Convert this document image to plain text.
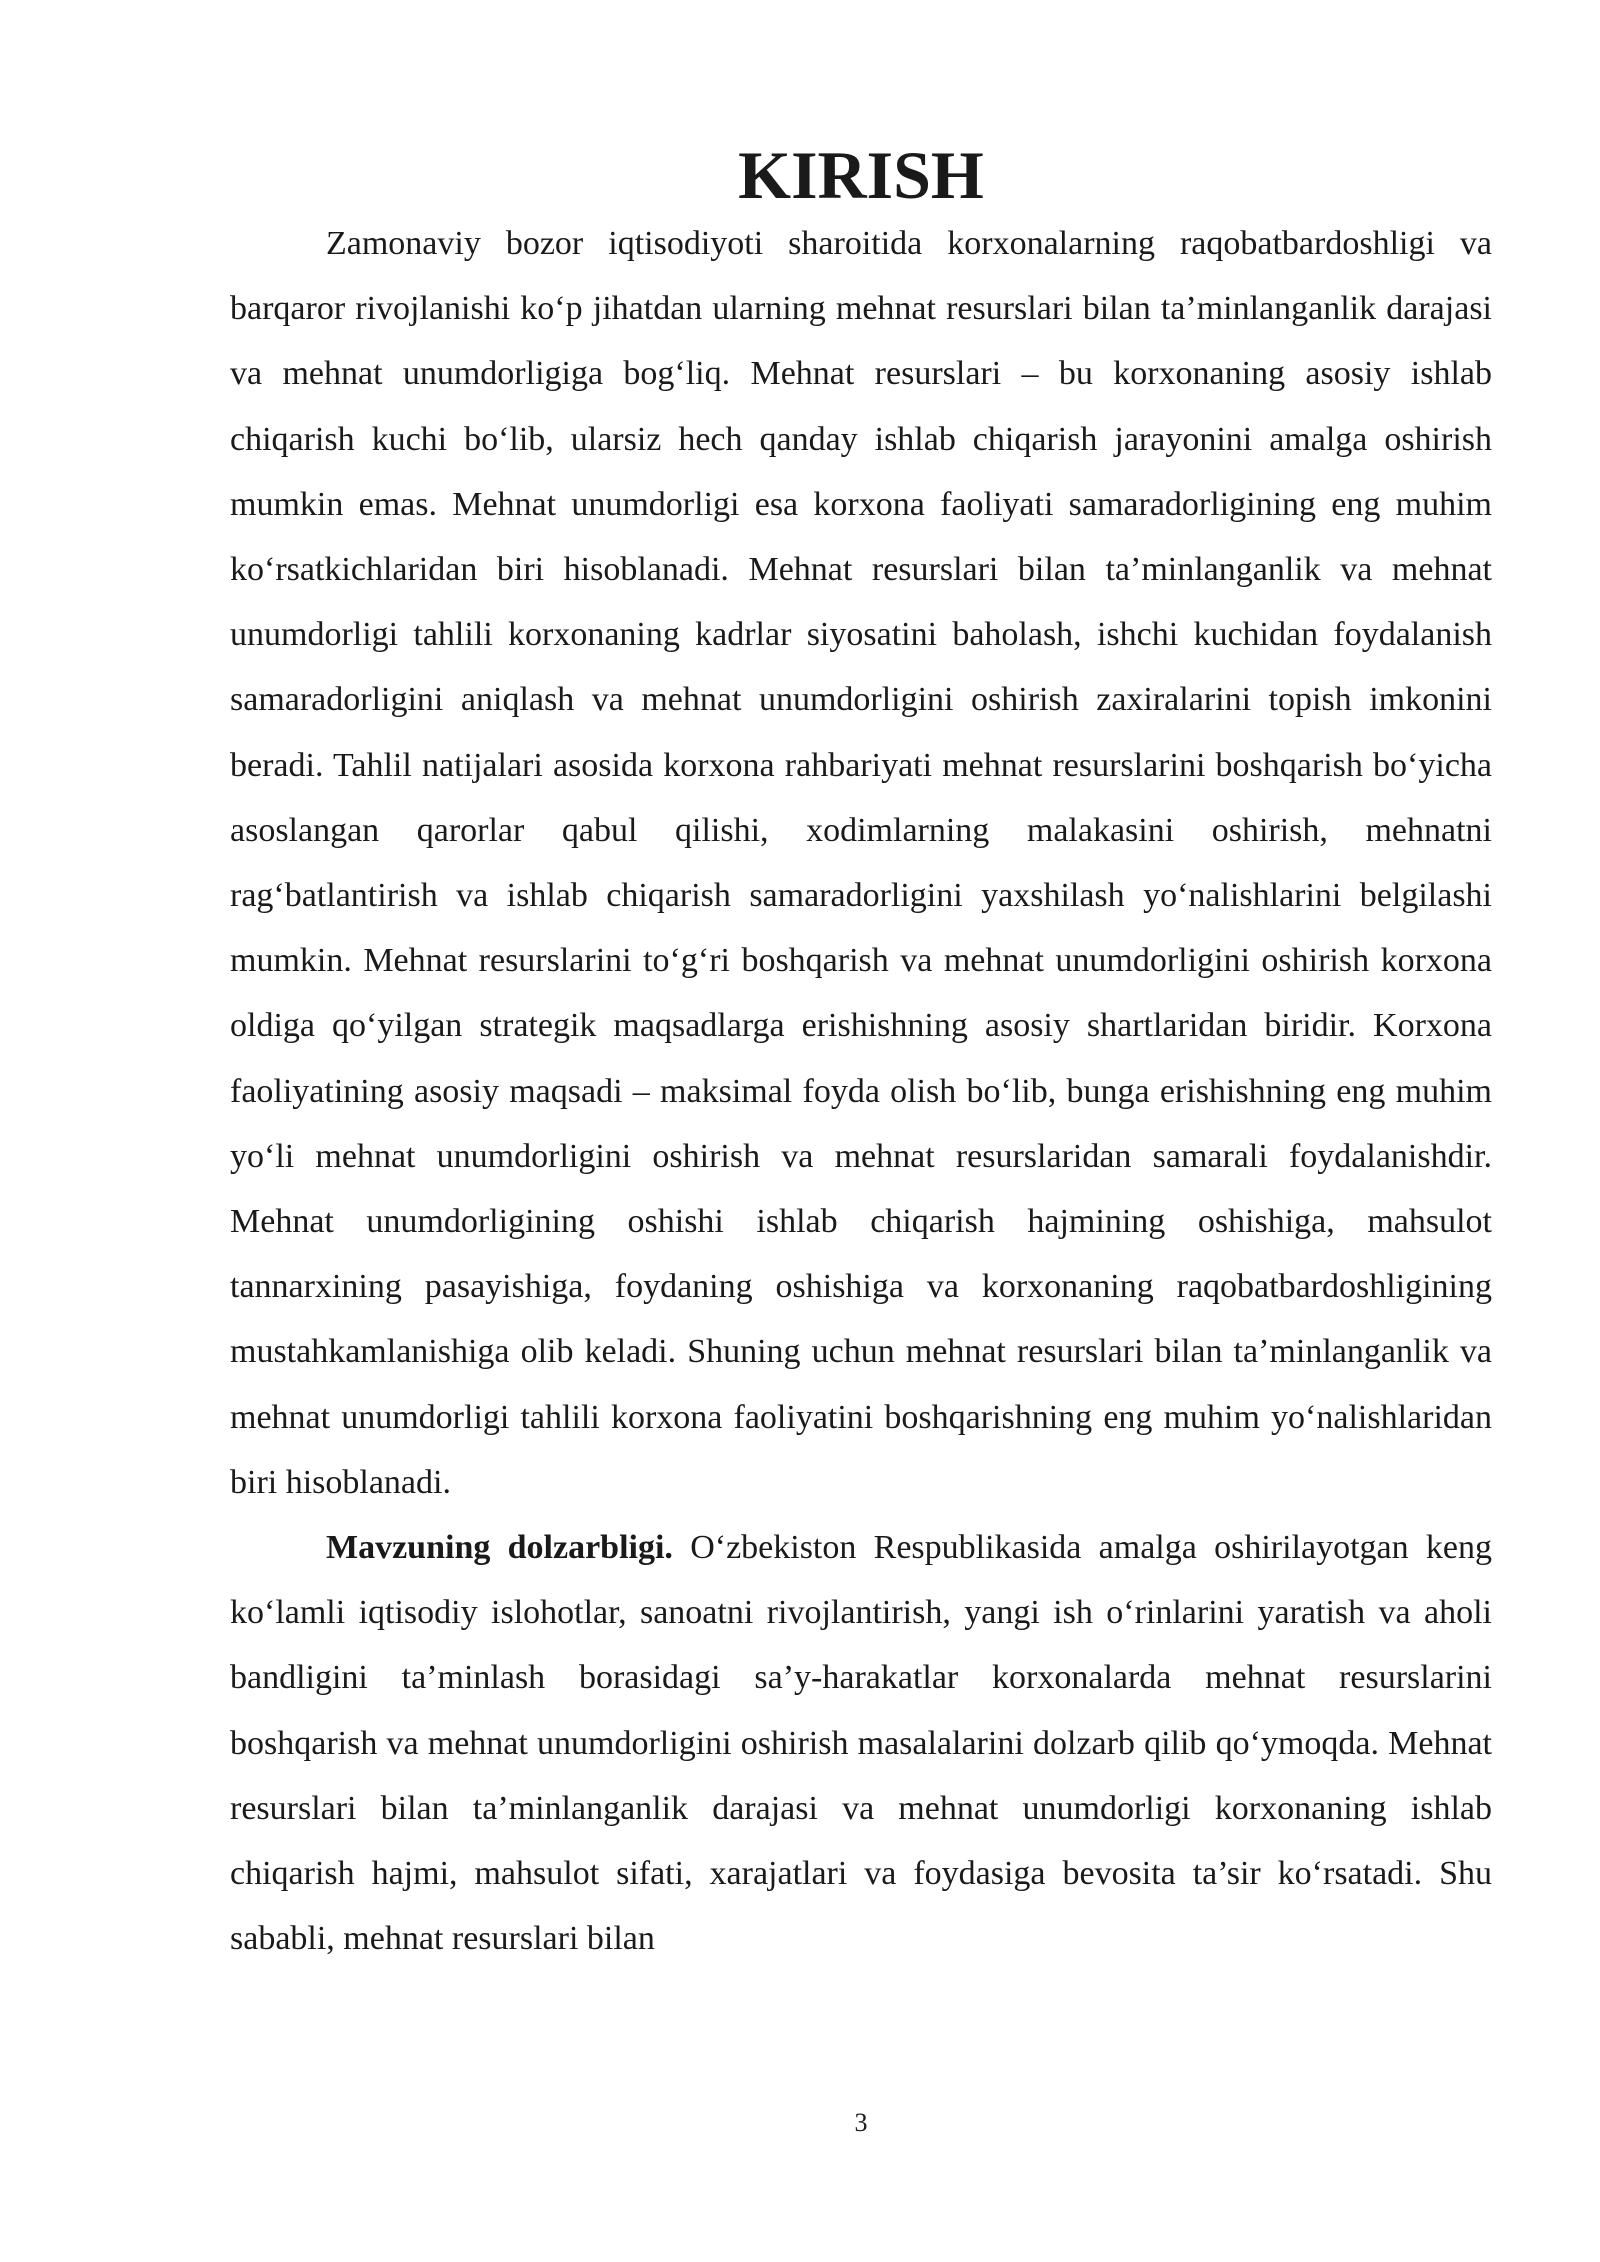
KIRISH

Zamonaviy bozor iqtisodiyoti sharoitida korxonalarning raqobatbardoshligi va barqaror rivojlanishi ko‘p jihatdan ularning mehnat resurslari bilan ta’minlanganlik darajasi va mehnat unumdorligiga bog‘liq. Mehnat resurslari – bu korxonaning asosiy ishlab chiqarish kuchi bo‘lib, ularsiz hech qanday ishlab chiqarish jarayonini amalga oshirish mumkin emas. Mehnat unumdorligi esa korxona faoliyati samaradorligining eng muhim ko‘rsatkichlaridan biri hisoblanadi. Mehnat resurslari bilan ta’minlanganlik va mehnat unumdorligi tahlili korxonaning kadrlar siyosatini baholash, ishchi kuchidan foydalanish samaradorligini aniqlash va mehnat unumdorligini oshirish zaxiralarini topish imkonini beradi. Tahlil natijalari asosida korxona rahbariyati mehnat resurslarini boshqarish bo‘yicha asoslangan qarorlar qabul qilishi, xodimlarning malakasini oshirish, mehnatni rag‘batlantirish va ishlab chiqarish samaradorligini yaxshilash yo‘nalishlarini belgilashi mumkin. Mehnat resurslarini to‘g‘ri boshqarish va mehnat unumdorligini oshirish korxona oldiga qo‘yilgan strategik maqsadlarga erishishning asosiy shartlaridan biridir. Korxona faoliyatining asosiy maqsadi – maksimal foyda olish bo‘lib, bunga erishishning eng muhim yo‘li mehnat unumdorligini oshirish va mehnat resurslaridan samarali foydalanishdir. Mehnat unumdorligining oshishi ishlab chiqarish hajmining oshishiga, mahsulot tannarxining pasayishiga, foydaning oshishiga va korxonaning raqobatbardoshligining mustahkamlanishiga olib keladi. Shuning uchun mehnat resurslari bilan ta’minlanganlik va mehnat unumdorligi tahlili korxona faoliyatini boshqarishning eng muhim yo‘nalishlaridan biri hisoblanadi.

Mavzuning dolzarbligi. O‘zbekiston Respublikasida amalga oshirilayotgan keng ko‘lamli iqtisodiy islohotlar, sanoatni rivojlantirish, yangi ish o‘rinlarini yaratish va aholi bandligini ta’minlash borasidagi sa’y-harakatlar korxonalarda mehnat resurslarini boshqarish va mehnat unumdorligini oshirish masalalarini dolzarb qilib qo‘ymoqda. Mehnat resurslari bilan ta’minlanganlik darajasi va mehnat unumdorligi korxonaning ishlab chiqarish hajmi, mahsulot sifati, xarajatlari va foydasiga bevosita ta’sir ko‘rsatadi. Shu sababli, mehnat resurslari bilan

3
